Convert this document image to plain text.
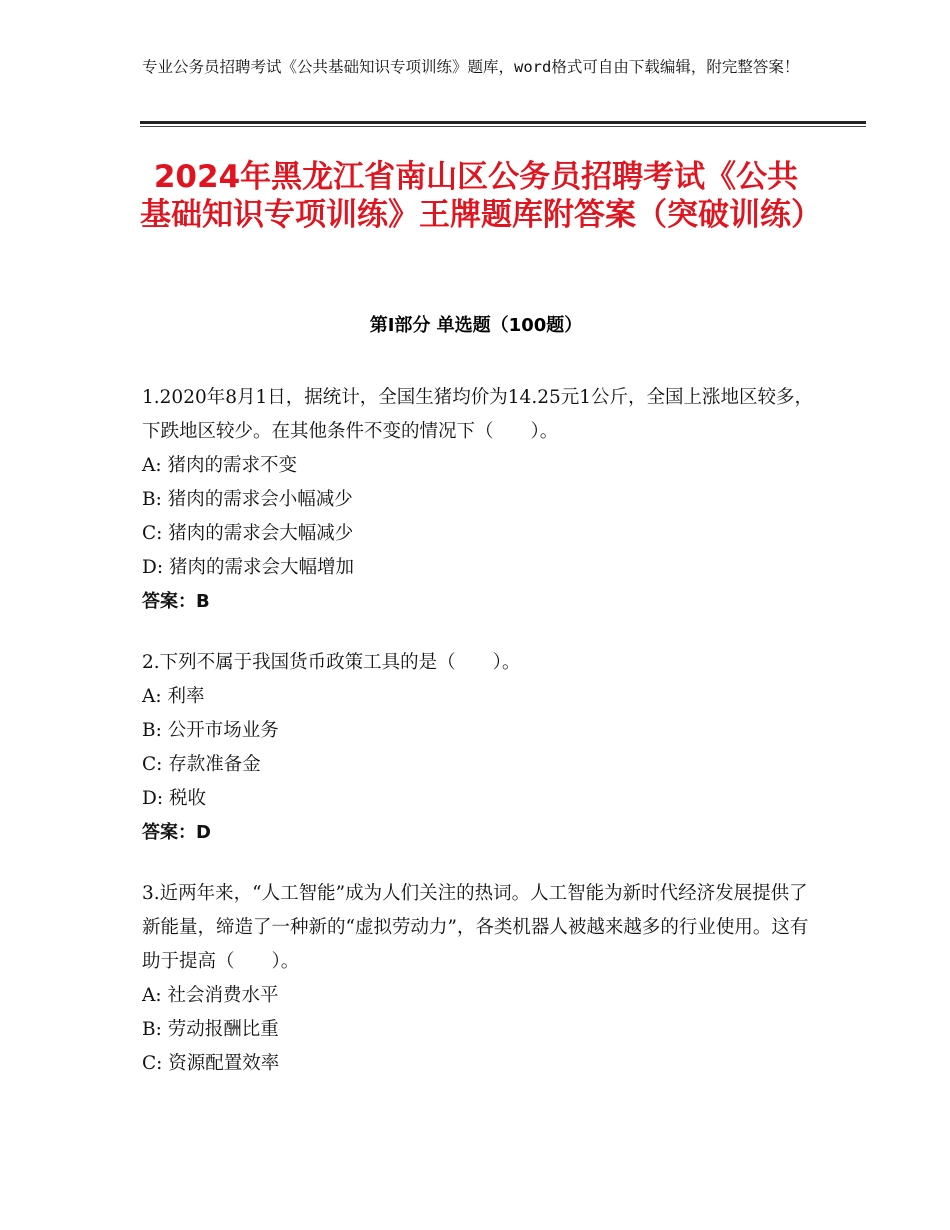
专业公务员招聘考试《公共基础知识专项训练》题库，word格式可自由下载编辑，附完整答案！
2024年黑龙江省南山区公务员招聘考试《公共基础知识专项训练》王牌题库附答案（突破训练）
第Ⅰ部分 单选题（100题）

1.2020年8月1日，据统计，全国生猪均价为14.25元1公斤，全国上涨地区较多，下跌地区较少。在其他条件不变的情况下（　　）。

A: 猪肉的需求不变

B: 猪肉的需求会小幅减少

C: 猪肉的需求会大幅减少

D: 猪肉的需求会大幅增加

答案：B

2.下列不属于我国货币政策工具的是（　　）。

A: 利率

B: 公开市场业务

C: 存款准备金

D: 税收

答案：D

3.近两年来，“人工智能”成为人们关注的热词。人工智能为新时代经济发展提供了新能量，缔造了一种新的“虚拟劳动力”，各类机器人被越来越多的行业使用。这有助于提高（　　）。

A: 社会消费水平

B: 劳动报酬比重

C: 资源配置效率
